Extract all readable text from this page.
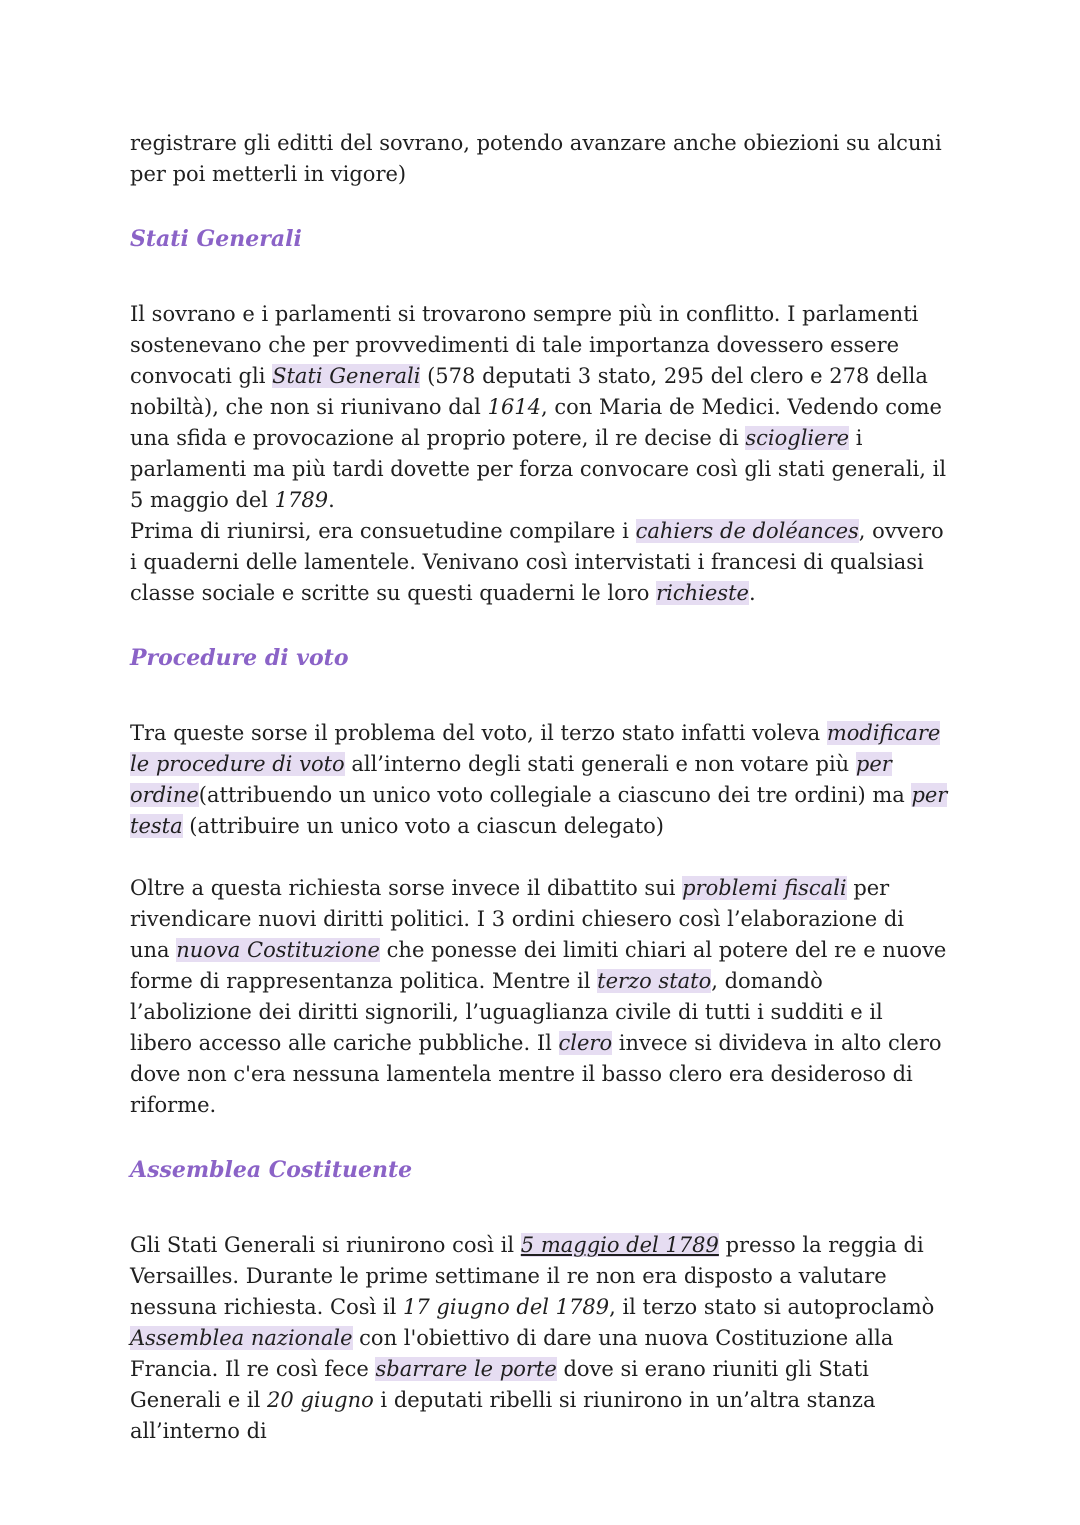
registrare gli editti del sovrano, potendo avanzare anche obiezioni su alcuni per poi metterli in vigore)

Stati Generali

Il sovrano e i parlamenti si trovarono sempre più in conflitto. I parlamenti sostenevano che per provvedimenti di tale importanza dovessero essere convocati gli Stati Generali (578 deputati 3 stato, 295 del clero e 278 della nobiltà), che non si riunivano dal 1614, con Maria de Medici. Vedendo come una sfida e provocazione al proprio potere, il re decise di sciogliere i parlamenti ma più tardi dovette per forza convocare così gli stati generali, il 5 maggio del 1789.

Prima di riunirsi, era consuetudine compilare i cahiers de doléances, ovvero i quaderni delle lamentele. Venivano così intervistati i francesi di qualsiasi classe sociale e scritte su questi quaderni le loro richieste.

Procedure di voto

Tra queste sorse il problema del voto, il terzo stato infatti voleva modificare le procedure di voto all’interno degli stati generali e non votare più per ordine(attribuendo un unico voto collegiale a ciascuno dei tre ordini) ma per testa (attribuire un unico voto a ciascun delegato)

Oltre a questa richiesta sorse invece il dibattito sui problemi fiscali per rivendicare nuovi diritti politici. I 3 ordini chiesero così l’elaborazione di una nuova Costituzione che ponesse dei limiti chiari al potere del re e nuove forme di rappresentanza politica. Mentre il terzo stato, domandò l’abolizione dei diritti signorili, l’uguaglianza civile di tutti i sudditi e il libero accesso alle cariche pubbliche. Il clero invece si divideva in alto clero dove non c'era nessuna lamentela mentre il basso clero era desideroso di riforme.

Assemblea Costituente

Gli Stati Generali si riunirono così il 5 maggio del 1789 presso la reggia di Versailles. Durante le prime settimane il re non era disposto a valutare nessuna richiesta. Così il 17 giugno del 1789, il terzo stato si autoproclamò Assemblea nazionale con l'obiettivo di dare una nuova Costituzione alla Francia. Il re così fece sbarrare le porte dove si erano riuniti gli Stati Generali e il 20 giugno i deputati ribelli si riunirono in un’altra stanza all’interno di
